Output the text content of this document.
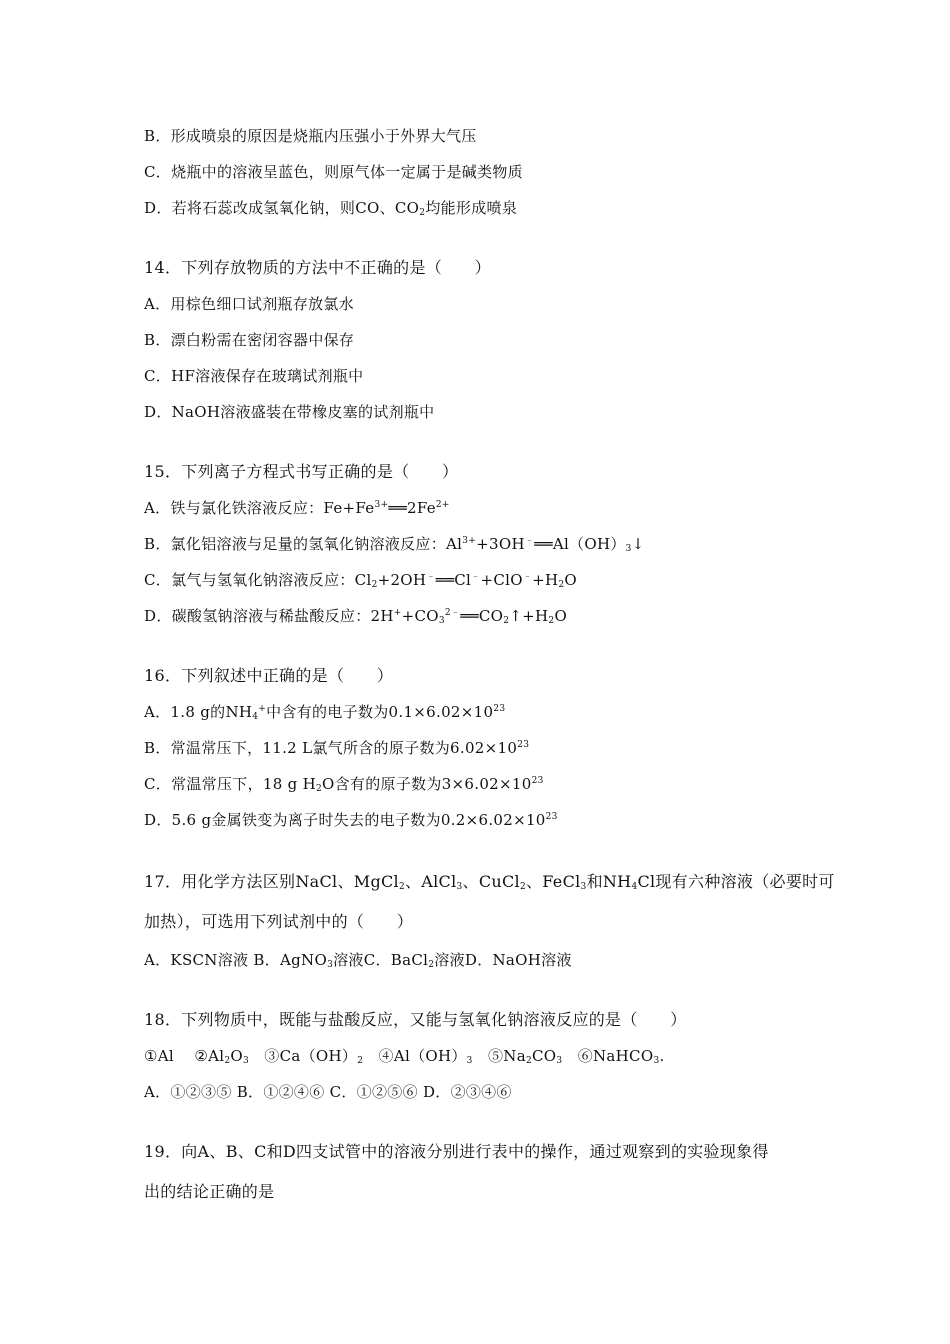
B．形成喷泉的原因是烧瓶内压强小于外界大气压
C．烧瓶中的溶液呈蓝色，则原气体一定属于是碱类物质
D．若将石蕊改成氢氧化钠，则CO、$CO_2$均能形成喷泉
14．下列存放物质的方法中不正确的是（　　）
A．用棕色细口试剂瓶存放氯水
B．漂白粉需在密闭容器中保存
C．HF溶液保存在玻璃试剂瓶中
D．NaOH溶液盛装在带橡皮塞的试剂瓶中
15．下列离子方程式书写正确的是（　　）
A．铁与氯化铁溶液反应：$Fe+Fe^{3+}══2Fe^{2+}$
B．氯化铝溶液与足量的氢氧化钠溶液反应：$Al^{3+}+3OH^﹣══Al(OH)_3↓$
C．氯气与氢氧化钠溶液反应：$Cl_2+2OH^﹣══Cl^﹣+ClO^﹣+H_2O$
D．碳酸氢钠溶液与稀盐酸反应：$2H^++CO_3^{2﹣}══CO_2↑+H_2O$
16．下列叙述中正确的是（　　）
A．1.8 g的$NH_4^+$中含有的电子数为$0.1\times 6.02\times 10^{23}$
B．常温常压下，11.2 L氯气所含的原子数为$6.02\times 10^{23}$
C．常温常压下，18 g $H_2O$含有的原子数为$3\times 6.02\times 10^{23}$
D．5.6 g金属铁变为离子时失去的电子数为$0.2\times 6.02\times 10^{23}$
17．用化学方法区别NaCl、MgCl$_2$、AlCl$_3$、CuCl$_2$、FeCl$_3$和$NH_4Cl$现有六种溶液（必要时可
加热），可选用下列试剂中的（　　）
A．KSCN溶液 B．AgNO$_3$溶液C．BaCl$_2$溶液D．NaOH溶液
18．下列物质中，既能与盐酸反应，又能与氢氧化钠溶液反应的是（　　）
①Al　 $②Al_2O_3$　$③Ca(OH)_2$　$④Al(OH)_3$　$⑤Na_2CO_3$　⑥NaHCO$_3$.
A．①②③⑤ B．①②④⑥ C．①②⑤⑥ D．②③④⑥
19．向A、B、C和D四支试管中的溶液分别进行表中的操作，通过观察到的实验现象得
出的结论正确的是
